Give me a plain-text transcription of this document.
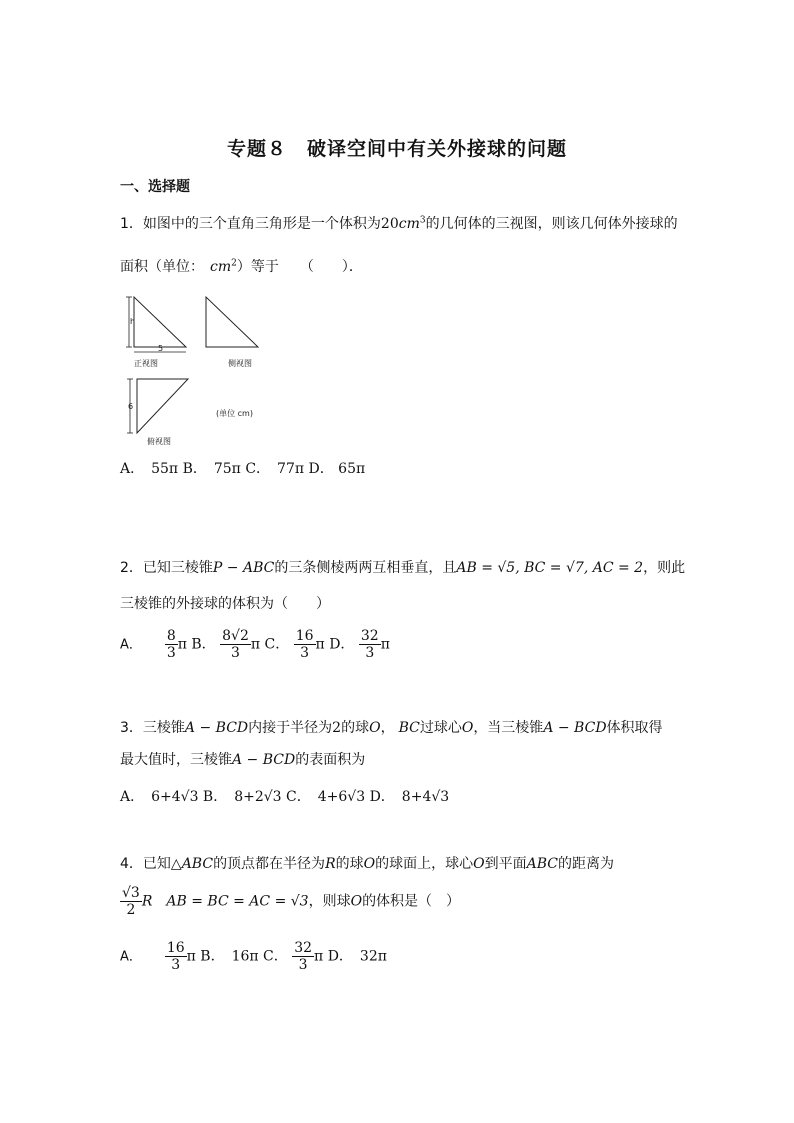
专题８　破译空间中有关外接球的问题
一、选择题
1．如图中的三个直角三角形是一个体积为$20cm^3$的几何体的三视图，则该几何体外接球的
面积（单位： $cm^2$）等于　　（　　）．
h
5
正视图	侧视图
6
俯视图
(单位 cm)
A．　55π B．　75π C．　77π D． 65π
2．已知三棱锥P − ABC的三条侧棱两两互相垂直，且AB = √5, BC = √7, AC = 2，则此
三棱锥的外接球的体积为（　　）
A． $\frac{8}{3}$ π B． $\frac{8√2}{3}$ π C． $\frac{16}{3}$ π D． $\frac{32}{3}$ π
3．三棱锥A − BCD内接于半径为2的球O， BC过球心O，当三棱锥A − BCD体积取得
最大值时，三棱锥A − BCD的表面积为
A．　6+4√3 B．　8+2√3 C．　4+6√3 D．　8+4√3
4．已知△ABC的顶点都在半径为R的球O的球面上，球心O到平面ABC的距离为
$\frac{√3}{2}$ R AB = BC = AC = √3，则球O的体积是（　）
A． $\frac{16}{3}$ π B．　16π C． $\frac{32}{3}$ π D．　32π
